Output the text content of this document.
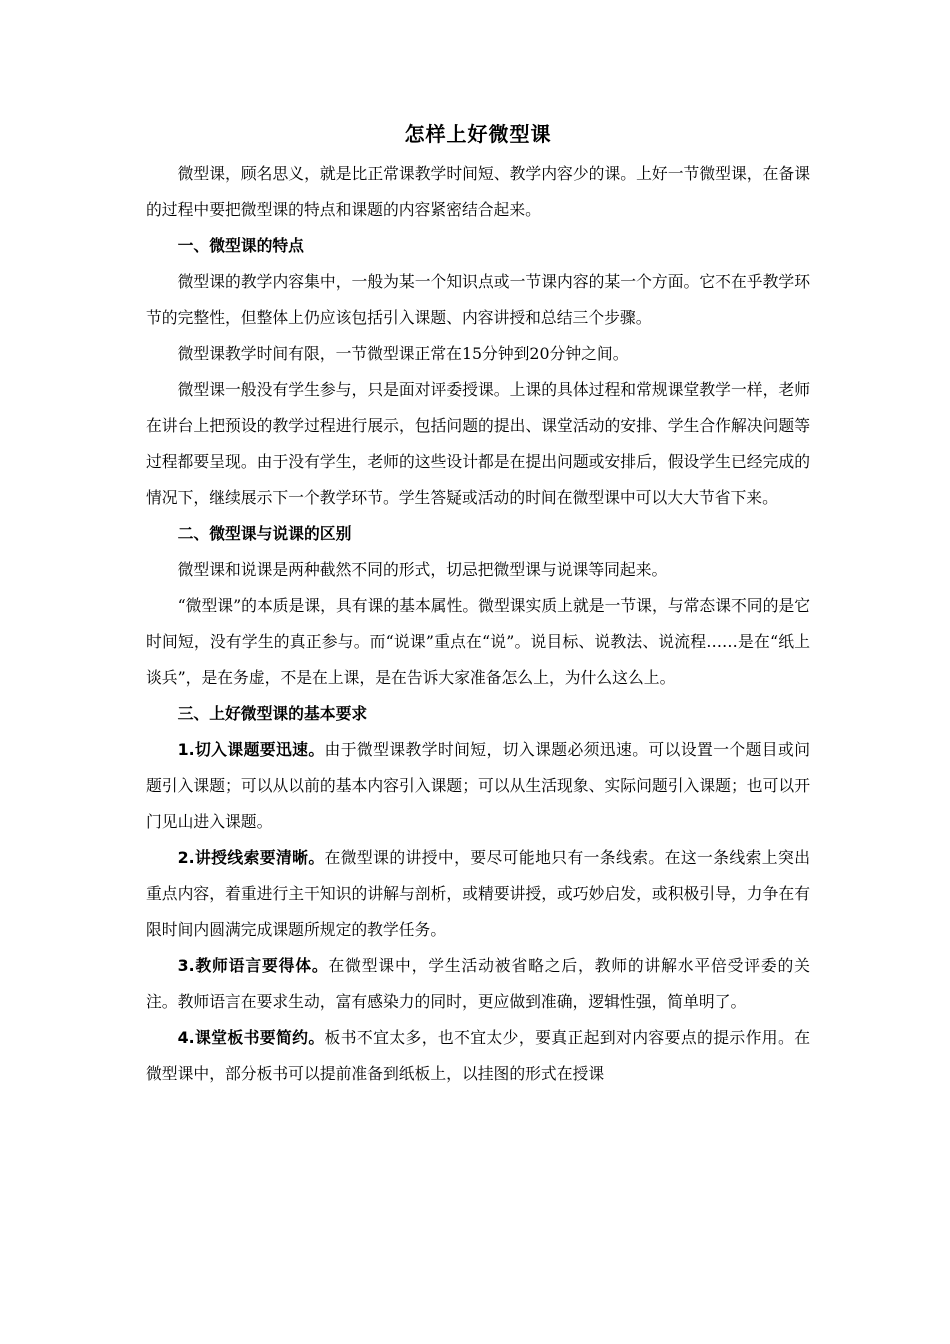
怎样上好微型课

微型课，顾名思义，就是比正常课教学时间短、教学内容少的课。上好一节微型课，在备课的过程中要把微型课的特点和课题的内容紧密结合起来。

一、微型课的特点

微型课的教学内容集中，一般为某一个知识点或一节课内容的某一个方面。它不在乎教学环节的完整性，但整体上仍应该包括引入课题、内容讲授和总结三个步骤。

微型课教学时间有限，一节微型课正常在15分钟到20分钟之间。

微型课一般没有学生参与，只是面对评委授课。上课的具体过程和常规课堂教学一样，老师在讲台上把预设的教学过程进行展示，包括问题的提出、课堂活动的安排、学生合作解决问题等过程都要呈现。由于没有学生，老师的这些设计都是在提出问题或安排后，假设学生已经完成的情况下，继续展示下一个教学环节。学生答疑或活动的时间在微型课中可以大大节省下来。

二、微型课与说课的区别

微型课和说课是两种截然不同的形式，切忌把微型课与说课等同起来。

“微型课”的本质是课，具有课的基本属性。微型课实质上就是一节课，与常态课不同的是它时间短，没有学生的真正参与。而“说课”重点在“说”。说目标、说教法、说流程……是在“纸上谈兵”，是在务虚，不是在上课，是在告诉大家准备怎么上，为什么这么上。

三、上好微型课的基本要求

1.切入课题要迅速。由于微型课教学时间短，切入课题必须迅速。可以设置一个题目或问题引入课题；可以从以前的基本内容引入课题；可以从生活现象、实际问题引入课题；也可以开门见山进入课题。

2.讲授线索要清晰。在微型课的讲授中，要尽可能地只有一条线索。在这一条线索上突出重点内容，着重进行主干知识的讲解与剖析，或精要讲授，或巧妙启发，或积极引导，力争在有限时间内圆满完成课题所规定的教学任务。

3.教师语言要得体。在微型课中，学生活动被省略之后，教师的讲解水平倍受评委的关注。教师语言在要求生动，富有感染力的同时，更应做到准确，逻辑性强，简单明了。

4.课堂板书要简约。板书不宜太多，也不宜太少，要真正起到对内容要点的提示作用。在微型课中，部分板书可以提前准备到纸板上，以挂图的形式在授课
